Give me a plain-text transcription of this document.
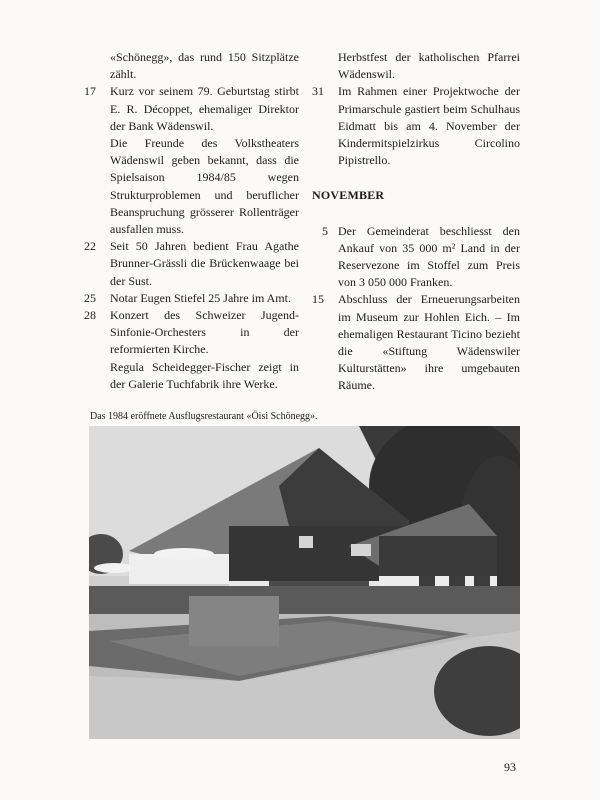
«Schönegg», das rund 150 Sitzplätze zählt.
17	Kurz vor seinem 79. Geburtstag stirbt E. R. Décoppet, ehemaliger Direktor der Bank Wädenswil.

Die Freunde des Volkstheaters Wädenswil geben bekannt, dass die Spielsaison 1984/85 wegen Strukturproblemen und beruflicher Beanspruchung grösserer Rollenträger ausfallen muss.

22	Seit 50 Jahren bedient Frau Agathe Brunner-Grässli die Brückenwaage bei der Sust.

25	Notar Eugen Stiefel 25 Jahre im Amt.

28	Konzert des Schweizer Jugend-Sinfonie-Orchesters in der reformierten Kirche.

Regula Scheidegger-Fischer zeigt in der Galerie Tuchfabrik ihre Werke.

Herbstfest der katholischen Pfarrei Wädenswil.
31	Im Rahmen einer Projektwoche der Primarschule gastiert beim Schulhaus Eidmatt bis am 4. November der Kindermitspielzirkus Circolino Pipistrello.

NOVEMBER
5 Der Gemeinderat beschliesst den Ankauf von 35 000 m² Land in der Reservezone im Stoffel zum Preis von 3 050 000 Franken.

15	Abschluss der Erneuerungsarbeiten im Museum zur Hohlen Eich. – Im ehemaligen Restaurant Ticino bezieht die «Stiftung Wädenswiler Kulturstätten» ihre umgebauten Räume.

Das 1984 eröffnete Ausflugsrestaurant «Öisi Schönegg».
93
